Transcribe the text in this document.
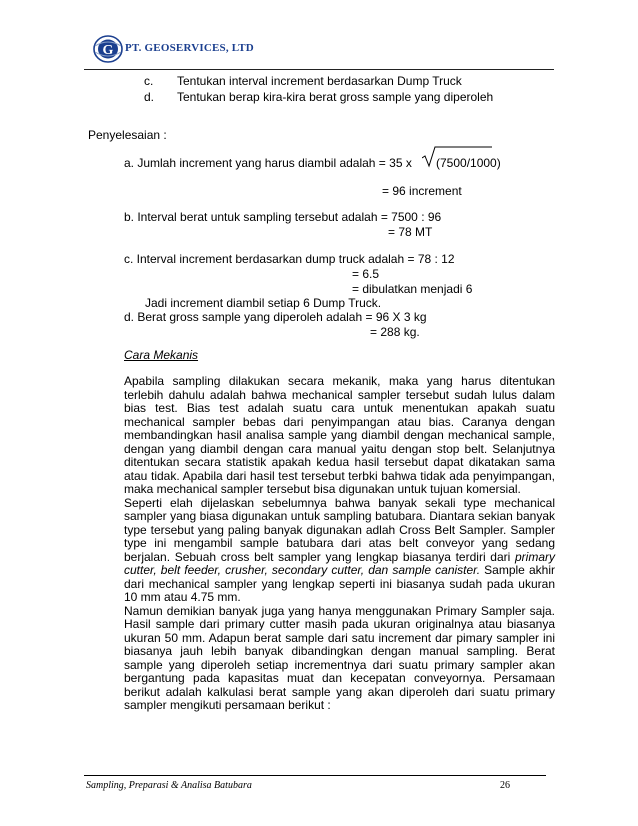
G PT. GEOSERVICES, LTD
c. Tentukan interval increment berdasarkan Dump Truck
d. Tentukan berap kira-kira berat gross sample yang diperoleh
Penyelesaian :
a. Jumlah increment yang harus diambil adalah = 35 x (7500/1000)
= 96 increment
b. Interval berat untuk sampling tersebut adalah = 7500 : 96
= 78 MT
c. Interval increment berdasarkan dump truck adalah = 78 : 12
= 6.5
= dibulatkan menjadi 6
Jadi increment diambil setiap 6 Dump Truck.
d. Berat gross sample yang diperoleh adalah = 96 X 3 kg
= 288 kg.
Cara Mekanis

Apabila sampling dilakukan secara mekanik, maka yang harus ditentukan terlebih dahulu adalah bahwa mechanical sampler tersebut sudah lulus dalam bias test. Bias test adalah suatu cara untuk menentukan apakah suatu mechanical sampler bebas dari penyimpangan atau bias. Caranya dengan membandingkan hasil analisa sample yang diambil dengan mechanical sample, dengan yang diambil dengan cara manual yaitu dengan stop belt. Selanjutnya ditentukan secara statistik apakah kedua hasil tersebut dapat dikatakan sama atau tidak. Apabila dari hasil test tersebut terbki bahwa tidak ada penyimpangan, maka mechanical sampler tersebut bisa digunakan untuk tujuan komersial.

Seperti elah dijelaskan sebelumnya bahwa banyak sekali type mechanical sampler yang biasa digunakan untuk sampling batubara. Diantara sekian banyak type tersebut yang paling banyak digunakan adlah Cross Belt Sampler. Sampler type ini mengambil sample batubara dari atas belt conveyor yang sedang berjalan. Sebuah cross belt sampler yang lengkap biasanya terdiri dari primary cutter, belt feeder, crusher, secondary cutter, dan sample canister. Sample akhir dari mechanical sampler yang lengkap seperti ini biasanya sudah pada ukuran 10 mm atau 4.75 mm.

Namun demikian banyak juga yang hanya menggunakan Primary Sampler saja. Hasil sample dari primary cutter masih pada ukuran originalnya atau biasanya ukuran 50 mm. Adapun berat sample dari satu increment dar pimary sampler ini biasanya jauh lebih banyak dibandingkan dengan manual sampling. Berat sample yang diperoleh setiap incrementnya dari suatu primary sampler akan bergantung pada kapasitas muat dan kecepatan conveyornya. Persamaan berikut adalah kalkulasi berat sample yang akan diperoleh dari suatu primary sampler mengikuti persamaan berikut :

Sampling, Preparasi & Analisa Batubara	26
